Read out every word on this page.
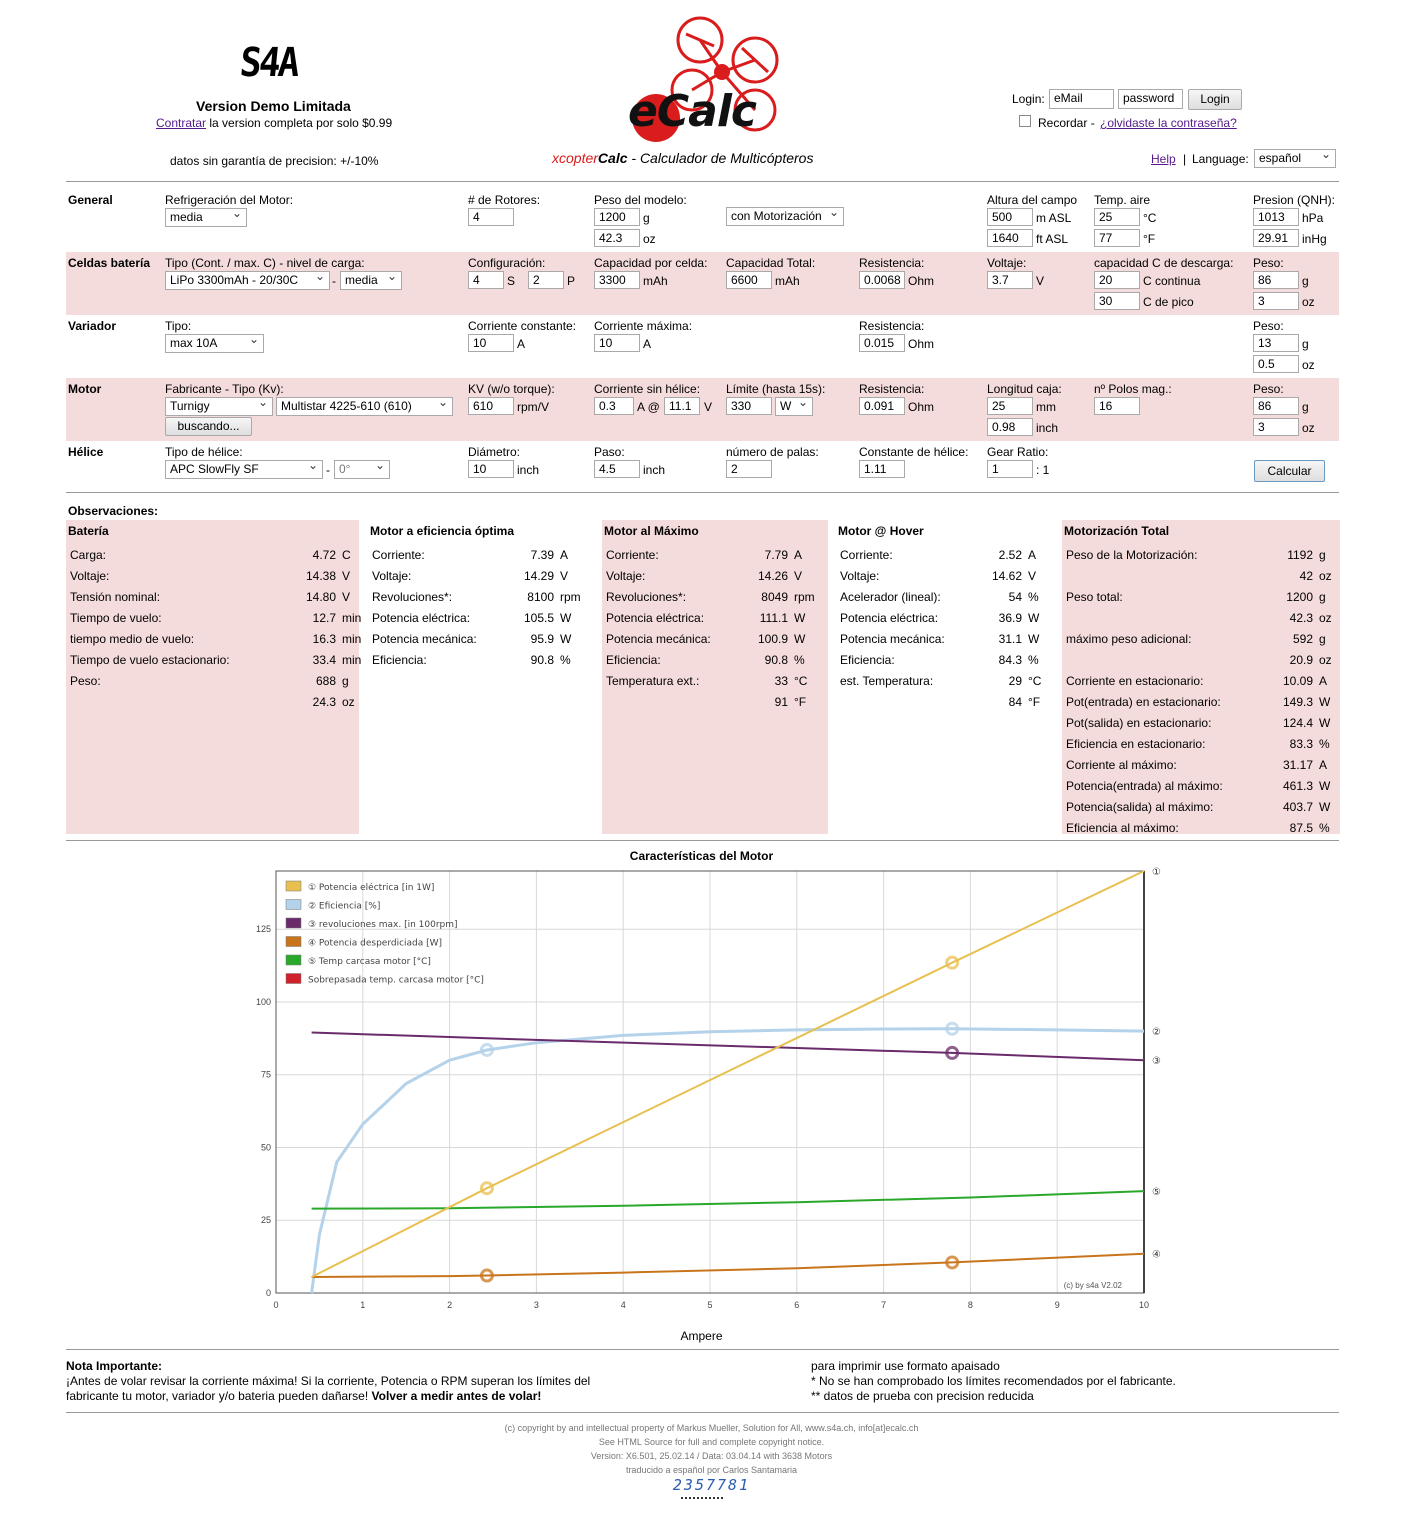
S4A
Version Demo Limitada
Contratar la version completa por solo $0.99
datos sin garantía de precision: +/-10%
eCalc
xcopterCalc - Calculador de Multicópteros
Login: eMail	password	Login
Recordar - ¿olvidaste la contraseña?
Help | Language: español ⌄
General	Refrigeración del Motor:
media ⌄
# de Rotores:
4
Peso del modelo:
1200	g
42.3	oz
con Motorización ⌄
Altura del campo
500	m ASL
1640	ft ASL
Temp. aire
25	°C
77	°F
Presion (QNH):
1013	hPa
29.91	inHg
Celdas batería Tipo (Cont. / max. C) - nivel de carga:
LiPo 3300mAh - 20/30C ⌄	- media ⌄
Configuración:
4	S	2	P
Capacidad por celda:
3300	mAh
Capacidad Total:
6600	mAh
Resistencia:
0.0068 Ohm
Voltaje:
3.7	V
capacidad C de descarga:
20	C continua
30	C de pico
Peso:
86	g
3	oz
Variador	Tipo:
max 10A ⌄
Corriente constante:
10	A
Corriente máxima:
10	A
Resistencia:
0.015	Ohm
Peso:
13	g
0.5	oz
Motor	Fabricante - Tipo (Kv):
Turnigy ⌄	Multistar 4225-610 (610) ⌄
buscando...
KV (w/o torque):
610	rpm/V
Corriente sin hélice:
0.3	A @ 11.1	V
Límite (hasta 15s):
330	W ⌄
Resistencia:
0.091	Ohm
Longitud caja:
25	mm
0.98	inch
nº Polos mag.:
16
Peso:
86	g
3	oz
Hélice	Tipo de hélice:
APC SlowFly SF ⌄	- 0° ⌄
Diámetro:
10	inch
Paso:
4.5	inch
número de palas:
2
Constante de hélice:
1.11
Gear Ratio:
1	: 1	Calcular
Observaciones:
Batería
Carga:	4.72 C
Voltaje:	14.38 V
Tensión nominal:	14.80 V
Tiempo de vuelo:	12.7 min
tiempo medio de vuelo:	16.3 min
Tiempo de vuelo estacionario:	33.4 min
Peso:	688 g
24.3 oz
Motor a eficiencia óptima
Corriente:	7.39 A
Voltaje:	14.29 V
Revoluciones*:	8100 rpm
Potencia eléctrica:	105.5 W
Potencia mecánica:	95.9 W
Eficiencia:	90.8 %
Motor al Máximo
Corriente:	7.79 A
Voltaje:	14.26 V
Revoluciones*:	8049 rpm
Potencia eléctrica:	111.1 W
Potencia mecánica:	100.9 W
Eficiencia:	90.8 %
Temperatura ext.:	33 °C
91 °F
Motor @ Hover
Corriente:	2.52 A
Voltaje:	14.62 V
Acelerador (lineal):	54 %
Potencia eléctrica:	36.9 W
Potencia mecánica:	31.1 W
Eficiencia:	84.3 %
est. Temperatura:	29 °C
84 °F
Motorización Total
Peso de la Motorización:	1192 g
42 oz
Peso total:	1200 g
42.3 oz
máximo peso adicional:	592 g
20.9 oz
Corriente en estacionario:	10.09 A
Pot(entrada) en estacionario:	149.3 W
Pot(salida) en estacionario:	124.4 W
Eficiencia en estacionario:	83.3 %
Corriente al máximo:	31.17 A
Potencia(entrada) al máximo:	461.3 W
Potencia(salida) al máximo:	403.7 W
Eficiencia al máximo:	87.5 %
Características del Motor
0	1	2	3	4	5	6	7	8	9	10
0
25
50
75
100
125
②
③
④
⑤
①
① Potencia eléctrica [in 1W]
② Eficiencia [%]
③ revoluciones max. [in 100rpm]
④ Potencia desperdiciada [W]
⑤ Temp carcasa motor [°C]
Sobrepasada temp. carcasa motor [°C]
(c) by s4a V2.02
Ampere
Nota Importante:
¡Antes de volar revisar la corriente máxima! Si la corriente, Potencia o RPM superan los límites del
fabricante tu motor, variador y/o bateria pueden dañarse! Volver a medir antes de volar!
para imprimir use formato apaisado
* No se han comprobado los límites recomendados por el fabricante.
** datos de prueba con precision reducida
(c) copyright by and intellectual property of Markus Mueller, Solution for All, www.s4a.ch, info[at]ecalc.ch
See HTML Source for full and complete copyright notice.
Version: X6.501, 25.02.14 / Data: 03.04.14 with 3638 Motors
traducido a español por Carlos Santamaria
2357781
